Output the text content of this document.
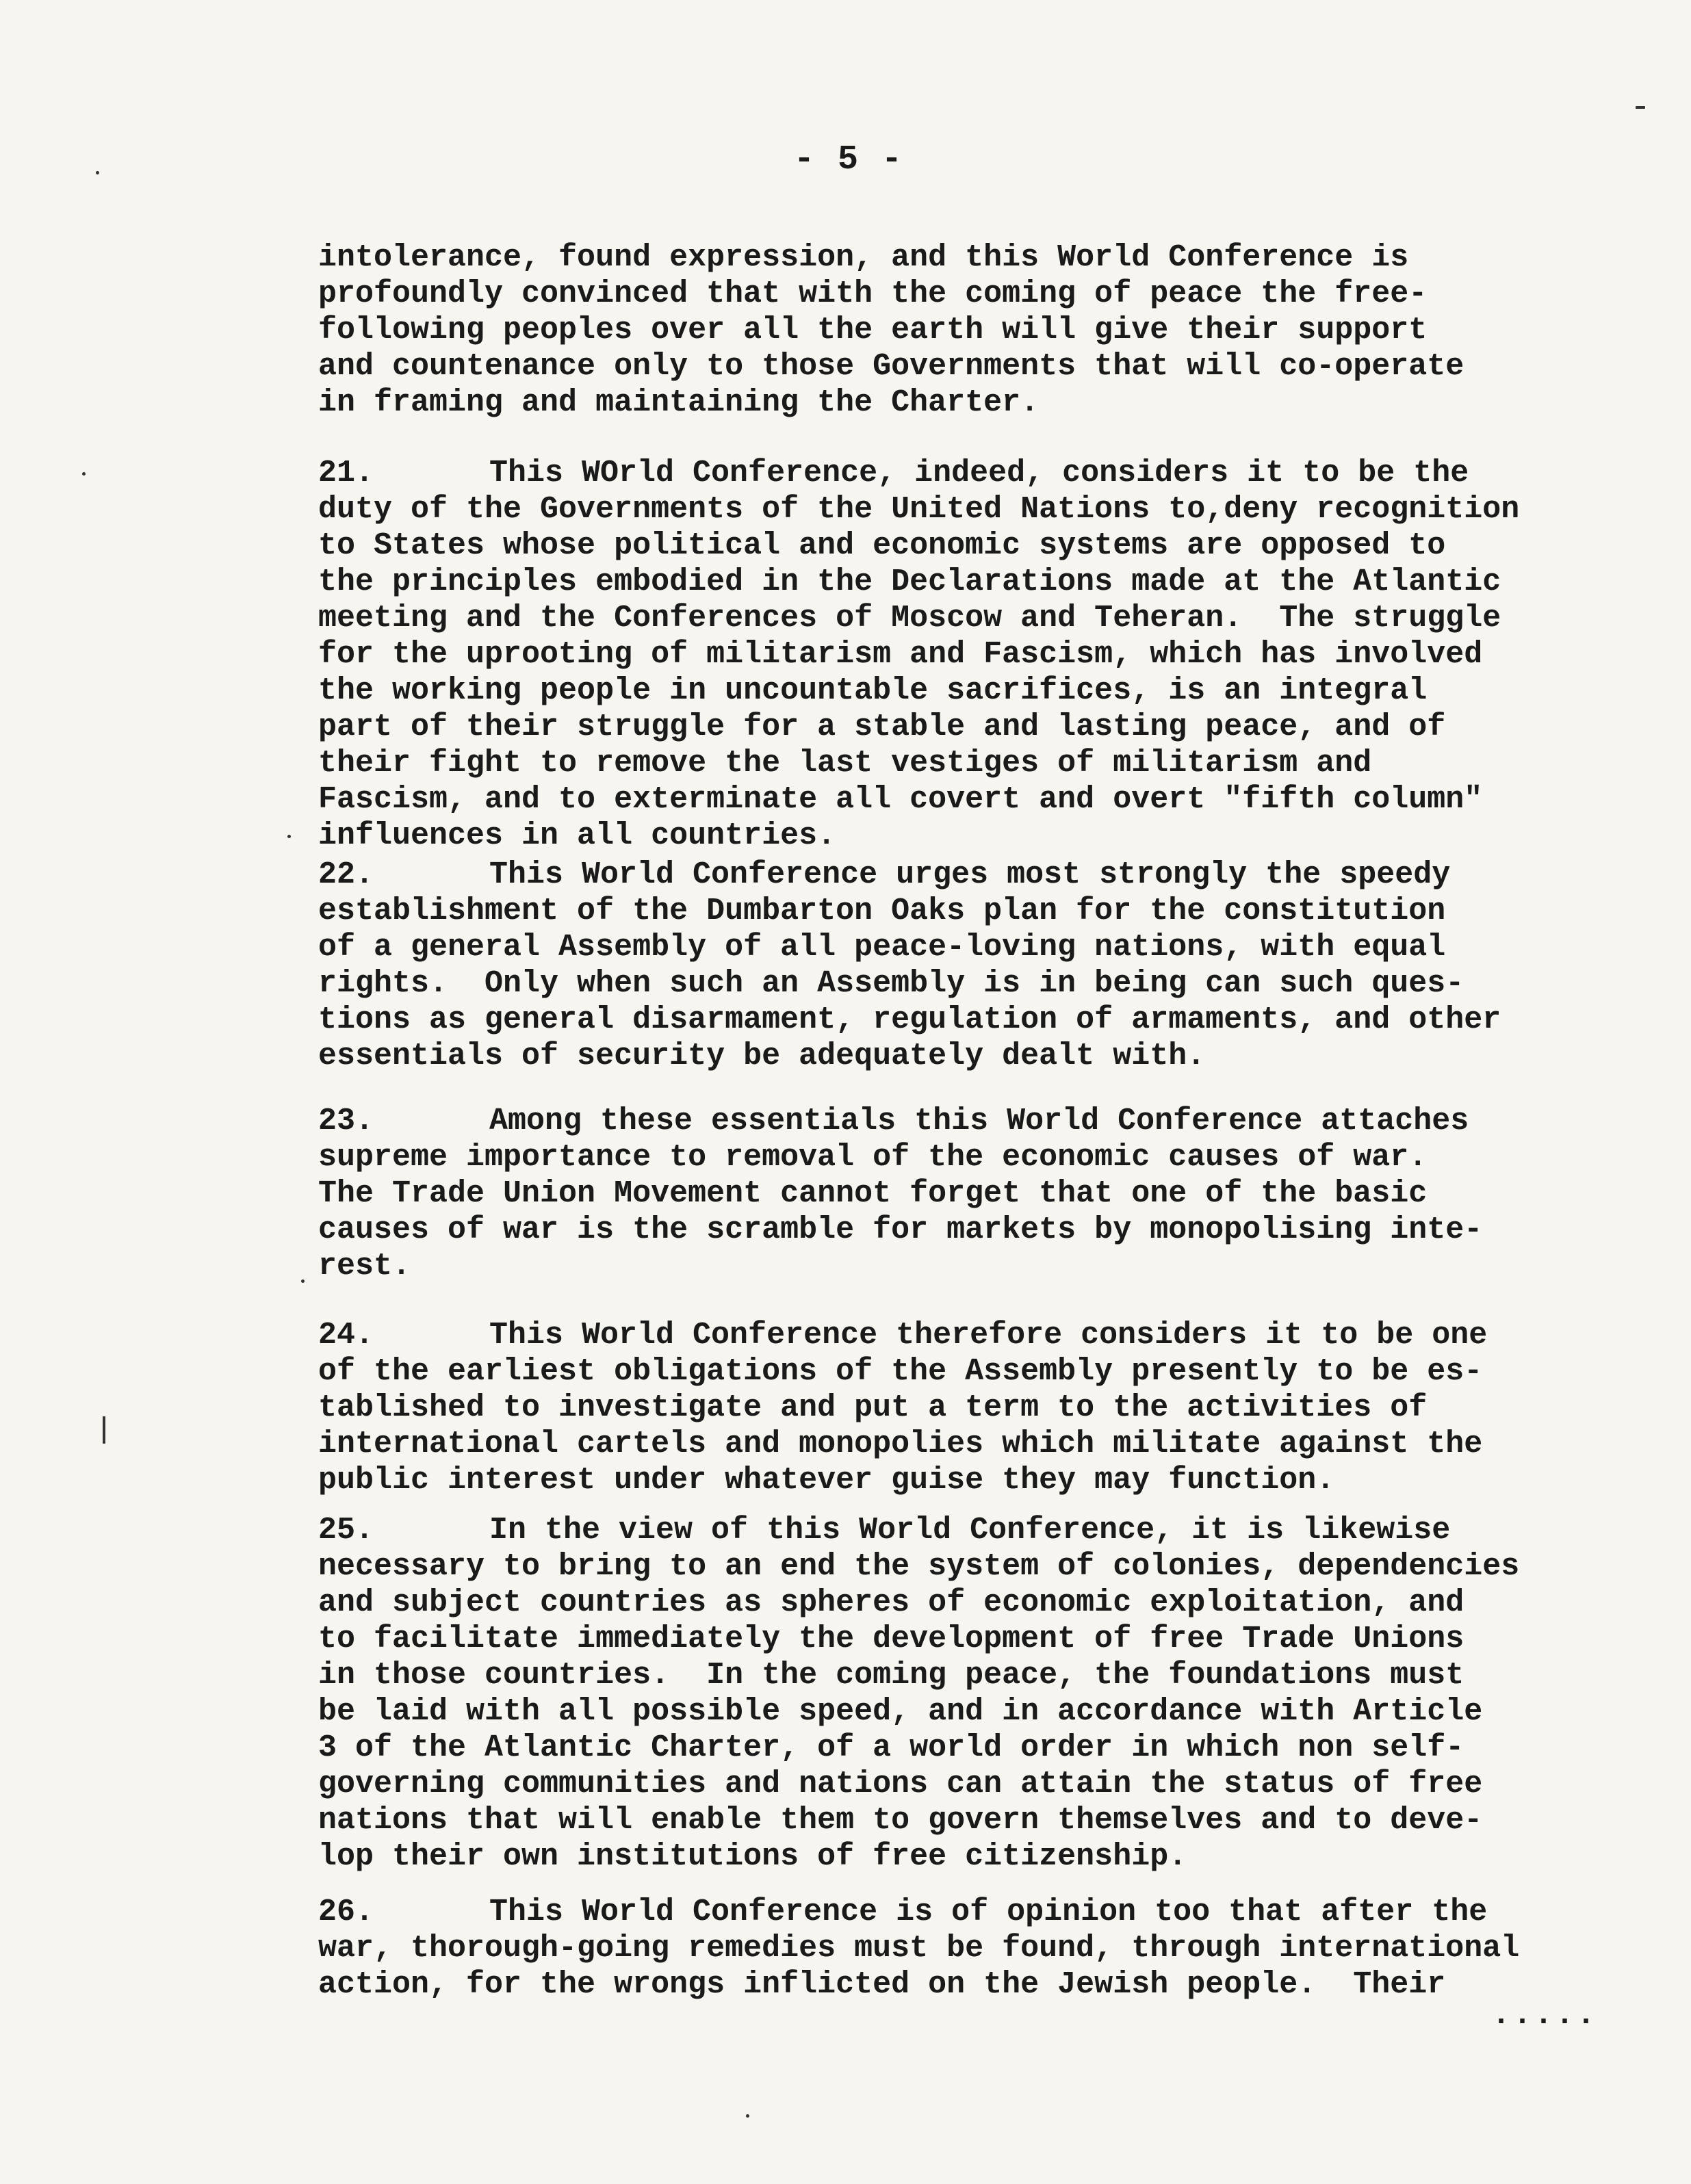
- 5 -
intolerance, found expression, and this World Conference is
profoundly convinced that with the coming of peace the free-
following peoples over all the earth will give their support
and countenance only to those Governments that will co-operate
in framing and maintaining the Charter.
21.	This WOrld Conference, indeed, considers it to be the
duty of the Governments of the United Nations to,deny recognition
to States whose political and economic systems are opposed to
the principles embodied in the Declarations made at the Atlantic
meeting and the Conferences of Moscow and Teheran.  The struggle
for the uprooting of militarism and Fascism, which has involved
the working people in uncountable sacrifices, is an integral
part of their struggle for a stable and lasting peace, and of
their fight to remove the last vestiges of militarism and
Fascism, and to exterminate all covert and overt "fifth column"
influences in all countries.
22.	This World Conference urges most strongly the speedy
establishment of the Dumbarton Oaks plan for the constitution
of a general Assembly of all peace-loving nations, with equal
rights.  Only when such an Assembly is in being can such ques-
tions as general disarmament, regulation of armaments, and other
essentials of security be adequately dealt with.
23.	Among these essentials this World Conference attaches
supreme importance to removal of the economic causes of war.
The Trade Union Movement cannot forget that one of the basic
causes of war is the scramble for markets by monopolising inte-
rest.
24.	This World Conference therefore considers it to be one
of the earliest obligations of the Assembly presently to be es-
tablished to investigate and put a term to the activities of
international cartels and monopolies which militate against the
public interest under whatever guise they may function.
25.	In the view of this World Conference, it is likewise
necessary to bring to an end the system of colonies, dependencies
and subject countries as spheres of economic exploitation, and
to facilitate immediately the development of free Trade Unions
in those countries.  In the coming peace, the foundations must
be laid with all possible speed, and in accordance with Article
3 of the Atlantic Charter, of a world order in which non self-
governing communities and nations can attain the status of free
nations that will enable them to govern themselves and to deve-
lop their own institutions of free citizenship.
26.	This World Conference is of opinion too that after the
war, thorough-going remedies must be found, through international
action, for the wrongs inflicted on the Jewish people.  Their
.....
